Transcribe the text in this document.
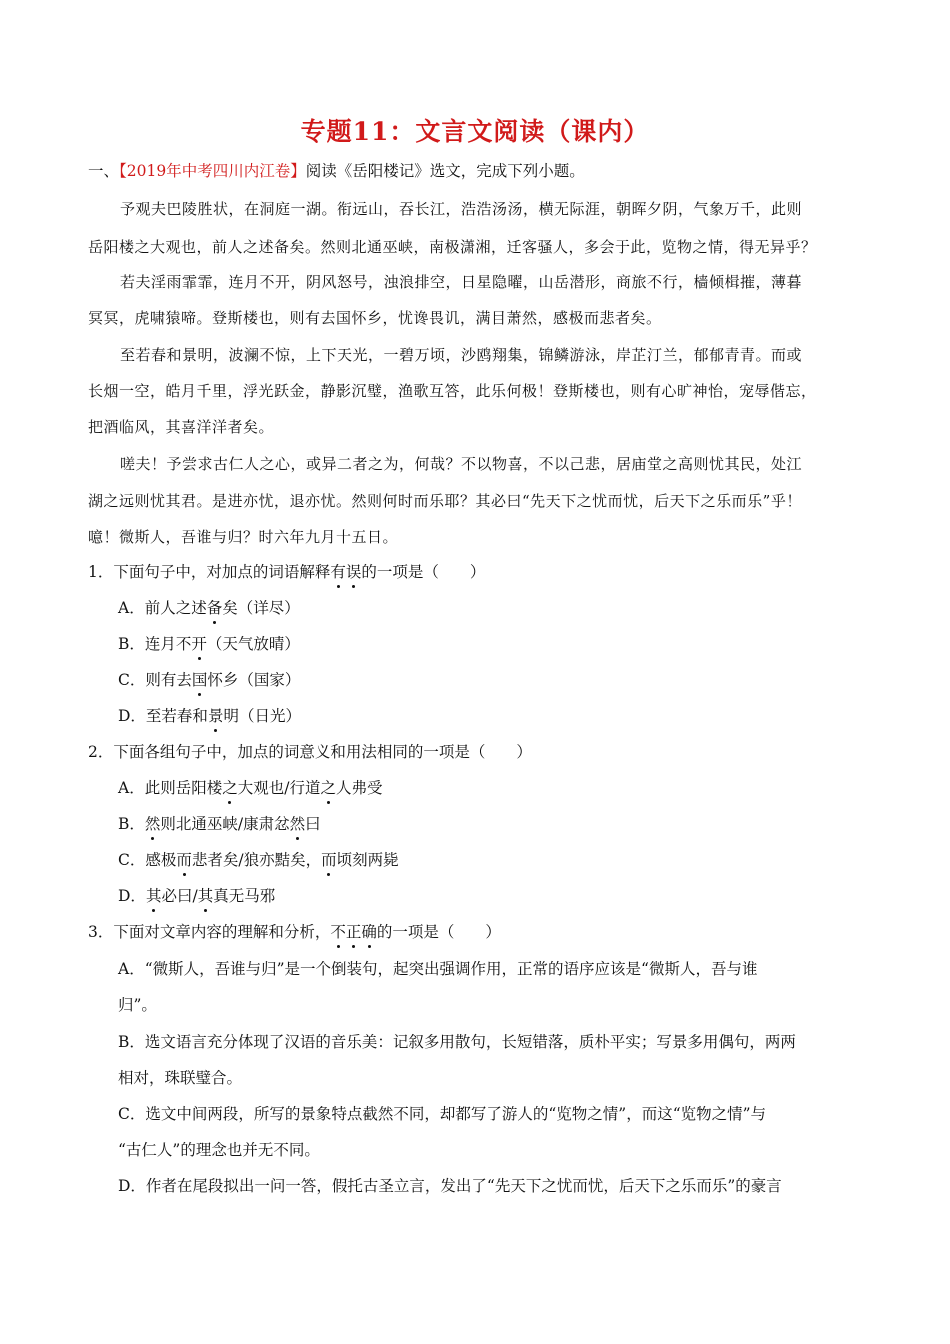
专题11：文言文阅读（课内）
一、【2019年中考四川内江卷】阅读《岳阳楼记》选文，完成下列小题。
予观夫巴陵胜状，在洞庭一湖。衔远山，吞长江，浩浩汤汤，横无际涯，朝晖夕阴，气象万千，此则
岳阳楼之大观也，前人之述备矣。然则北通巫峡，南极潇湘，迁客骚人，多会于此，览物之情，得无异乎？
若夫淫雨霏霏，连月不开，阴风怒号，浊浪排空，日星隐曜，山岳潜形，商旅不行，樯倾楫摧，薄暮
冥冥，虎啸猿啼。登斯楼也，则有去国怀乡，忧谗畏讥，满目萧然，感极而悲者矣。
至若春和景明，波澜不惊，上下天光，一碧万顷，沙鸥翔集，锦鳞游泳，岸芷汀兰，郁郁青青。而或
长烟一空，皓月千里，浮光跃金，静影沉璧，渔歌互答，此乐何极！登斯楼也，则有心旷神怡，宠辱偕忘，
把酒临风，其喜洋洋者矣。
嗟夫！予尝求古仁人之心，或异二者之为，何哉？不以物喜，不以己悲，居庙堂之高则忧其民，处江
湖之远则忧其君。是进亦忧，退亦忧。然则何时而乐耶？其必曰“先天下之忧而忧，后天下之乐而乐”乎！
噫！微斯人，吾谁与归？时六年九月十五日。
1．下面句子中，对加点的词语解释有误的一项是（　　）
A．前人之述备矣（详尽）
B．连月不开（天气放晴）
C．则有去国怀乡（国家）
D．至若春和景明（日光）
2．下面各组句子中，加点的词意义和用法相同的一项是（　　）
A．此则岳阳楼之大观也/行道之人弗受
B．然则北通巫峡/康肃忿然曰
C．感极而悲者矣/狼亦黠矣，而顷刻两毙
D．其必曰/其真无马邪
3．下面对文章内容的理解和分析，不正确的一项是（　　）
A．“微斯人，吾谁与归”是一个倒装句，起突出强调作用，正常的语序应该是“微斯人，吾与谁
归”。
B．选文语言充分体现了汉语的音乐美：记叙多用散句，长短错落，质朴平实；写景多用偶句，两两
相对，珠联璧合。
C．选文中间两段，所写的景象特点截然不同，却都写了游人的“览物之情”，而这“览物之情”与
“古仁人”的理念也并无不同。
D．作者在尾段拟出一问一答，假托古圣立言，发出了“先天下之忧而忧，后天下之乐而乐”的豪言
